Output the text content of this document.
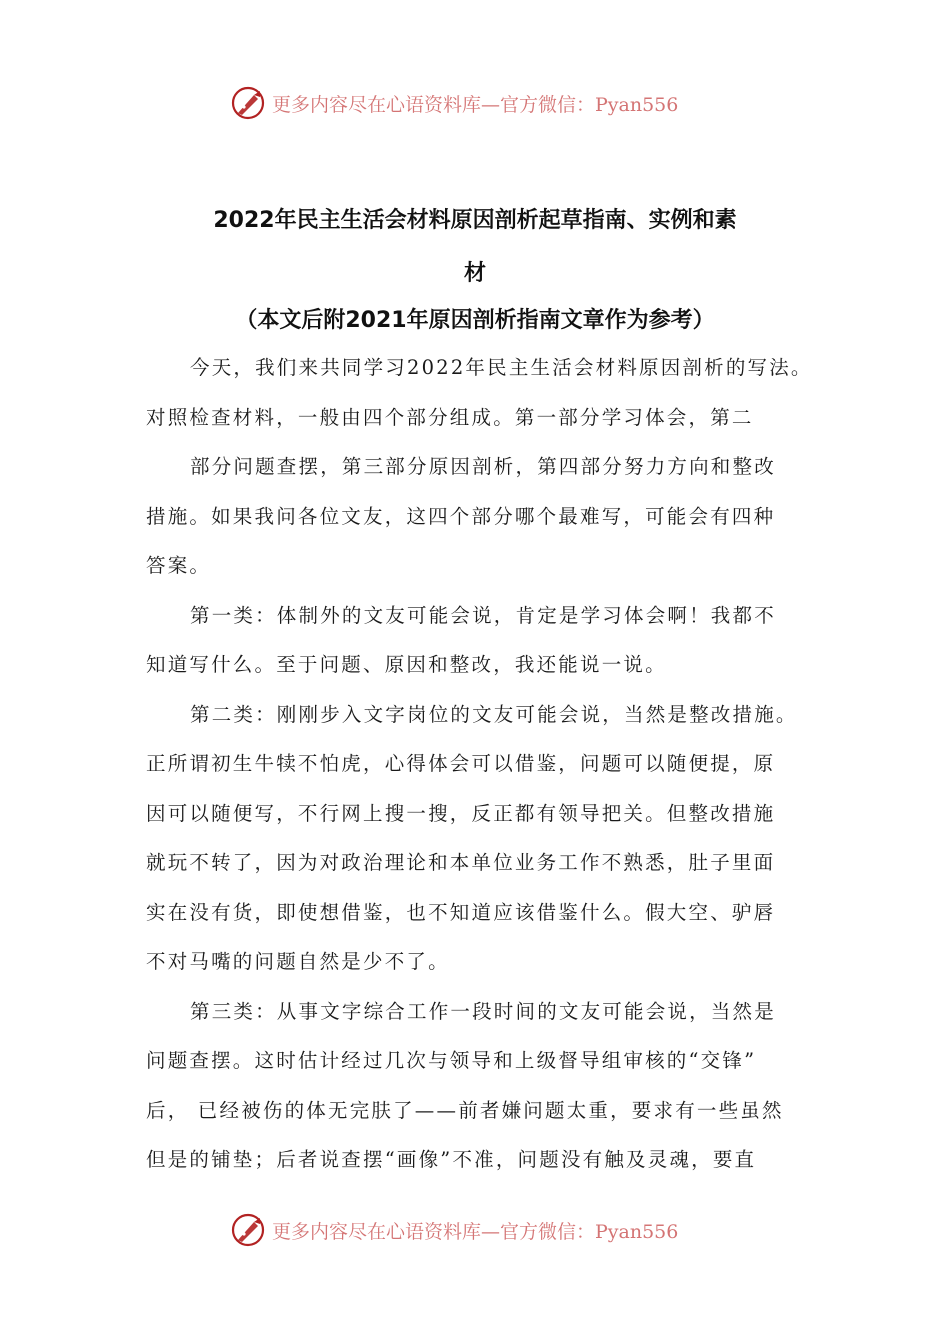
更多内容尽在心语资料库—官方微信：Pyan556
2022年民主生活会材料原因剖析起草指南、实例和素
材
（本文后附2021年原因剖析指南文章作为参考）
今天，我们来共同学习2022年民主生活会材料原因剖析的写法。
对照检查材料，一般由四个部分组成。第一部分学习体会，第二
部分问题查摆，第三部分原因剖析，第四部分努力方向和整改
措施。如果我问各位文友，这四个部分哪个最难写，可能会有四种
答案。
第一类：体制外的文友可能会说，肯定是学习体会啊！我都不
知道写什么。至于问题、原因和整改，我还能说一说。
第二类：刚刚步入文字岗位的文友可能会说，当然是整改措施。
正所谓初生牛犊不怕虎，心得体会可以借鉴，问题可以随便提，原
因可以随便写，不行网上搜一搜，反正都有领导把关。但整改措施
就玩不转了，因为对政治理论和本单位业务工作不熟悉，肚子里面
实在没有货，即使想借鉴，也不知道应该借鉴什么。假大空、驴唇
不对马嘴的问题自然是少不了。
第三类：从事文字综合工作一段时间的文友可能会说，当然是
问题查摆。这时估计经过几次与领导和上级督导组审核的“交锋”
后， 已经被伤的体无完肤了——前者嫌问题太重，要求有一些虽然
但是的铺垫；后者说查摆“画像”不准，问题没有触及灵魂，要直
更多内容尽在心语资料库—官方微信：Pyan556
